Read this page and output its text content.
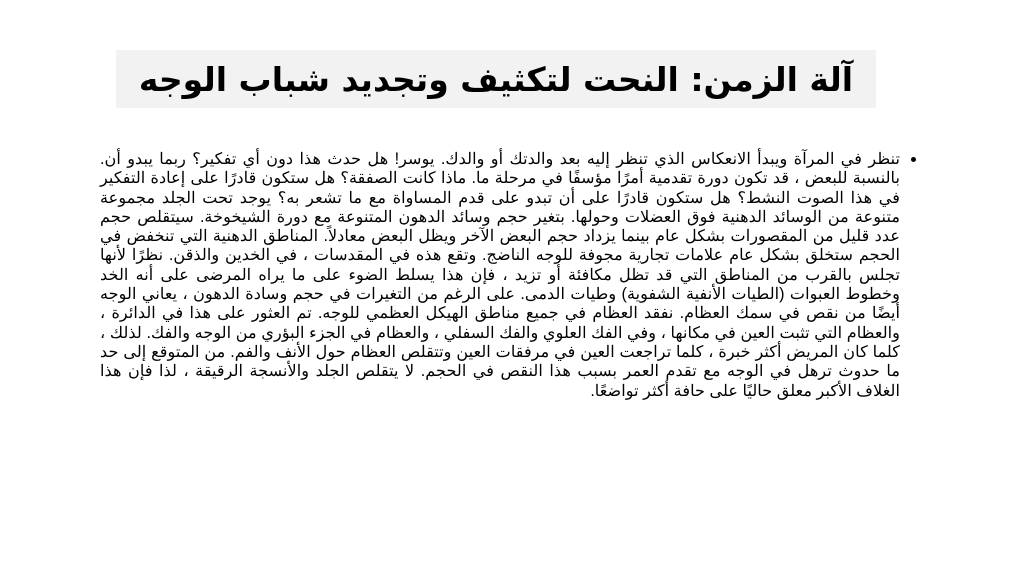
آلة الزمن: النحت لتكثيف وتجديد شباب الوجه
• تنظر في المرآة ويبدأ الانعكاس الذي تنظر إليه بعد والدتك أو والدك. يوسر! هل حدث هذا دون أي تفكير؟ ربما يبدو أن. بالنسبة للبعض ، قد تكون دورة تقدمية أمرًا مؤسفًا في مرحلة ما. ماذا كانت الصفقة؟ هل ستكون قادرًا على إعادة التفكير في هذا الصوت النشط؟ هل ستكون قادرًا على أن تبدو على قدم المساواة مع ما تشعر به؟ يوجد تحت الجلد مجموعة متنوعة من الوسائد الدهنية فوق العضلات وحولها. بتغير حجم وسائد الدهون المتنوعة مع دورة الشيخوخة. سيتقلص حجم عدد قليل من المقصورات بشكل عام بينما يزداد حجم البعض الآخر ويظل البعض معادلاً. المناطق الدهنية التي تنخفض في الحجم ستخلق بشكل عام علامات تجارية مجوفة للوجه الناضج. وتقع هذه في المقدسات ، في الخدين والذقن. نظرًا لأنها تجلس بالقرب من المناطق التي قد تظل مكافئة أو تزيد ، فإن هذا يسلط الضوء على ما يراه المرضى على أنه الخد وخطوط العبوات (الطيات الأنفية الشفوية) وطيات الدمى. على الرغم من التغيرات في حجم وسادة الدهون ، يعاني الوجه أيضًا من نقص في سمك العظام. نفقد العظام في جميع مناطق الهيكل العظمي للوجه. تم العثور على هذا في الدائرة ، والعظام التي تثبت العين في مكانها ، وفي الفك العلوي والفك السفلي ، والعظام في الجزء البؤري من الوجه والفك. لذلك ، كلما كان المريض أكثر خبرة ، كلما تراجعت العين في مرفقات العين وتتقلص العظام حول الأنف والفم. من المتوقع إلى حد ما حدوث ترهل في الوجه مع تقدم العمر بسبب هذا النقص في الحجم. لا يتقلص الجلد والأنسجة الرقيقة ، لذا فإن هذا الغلاف الأكبر معلق حاليًا على حافة أكثر تواضعًا.
